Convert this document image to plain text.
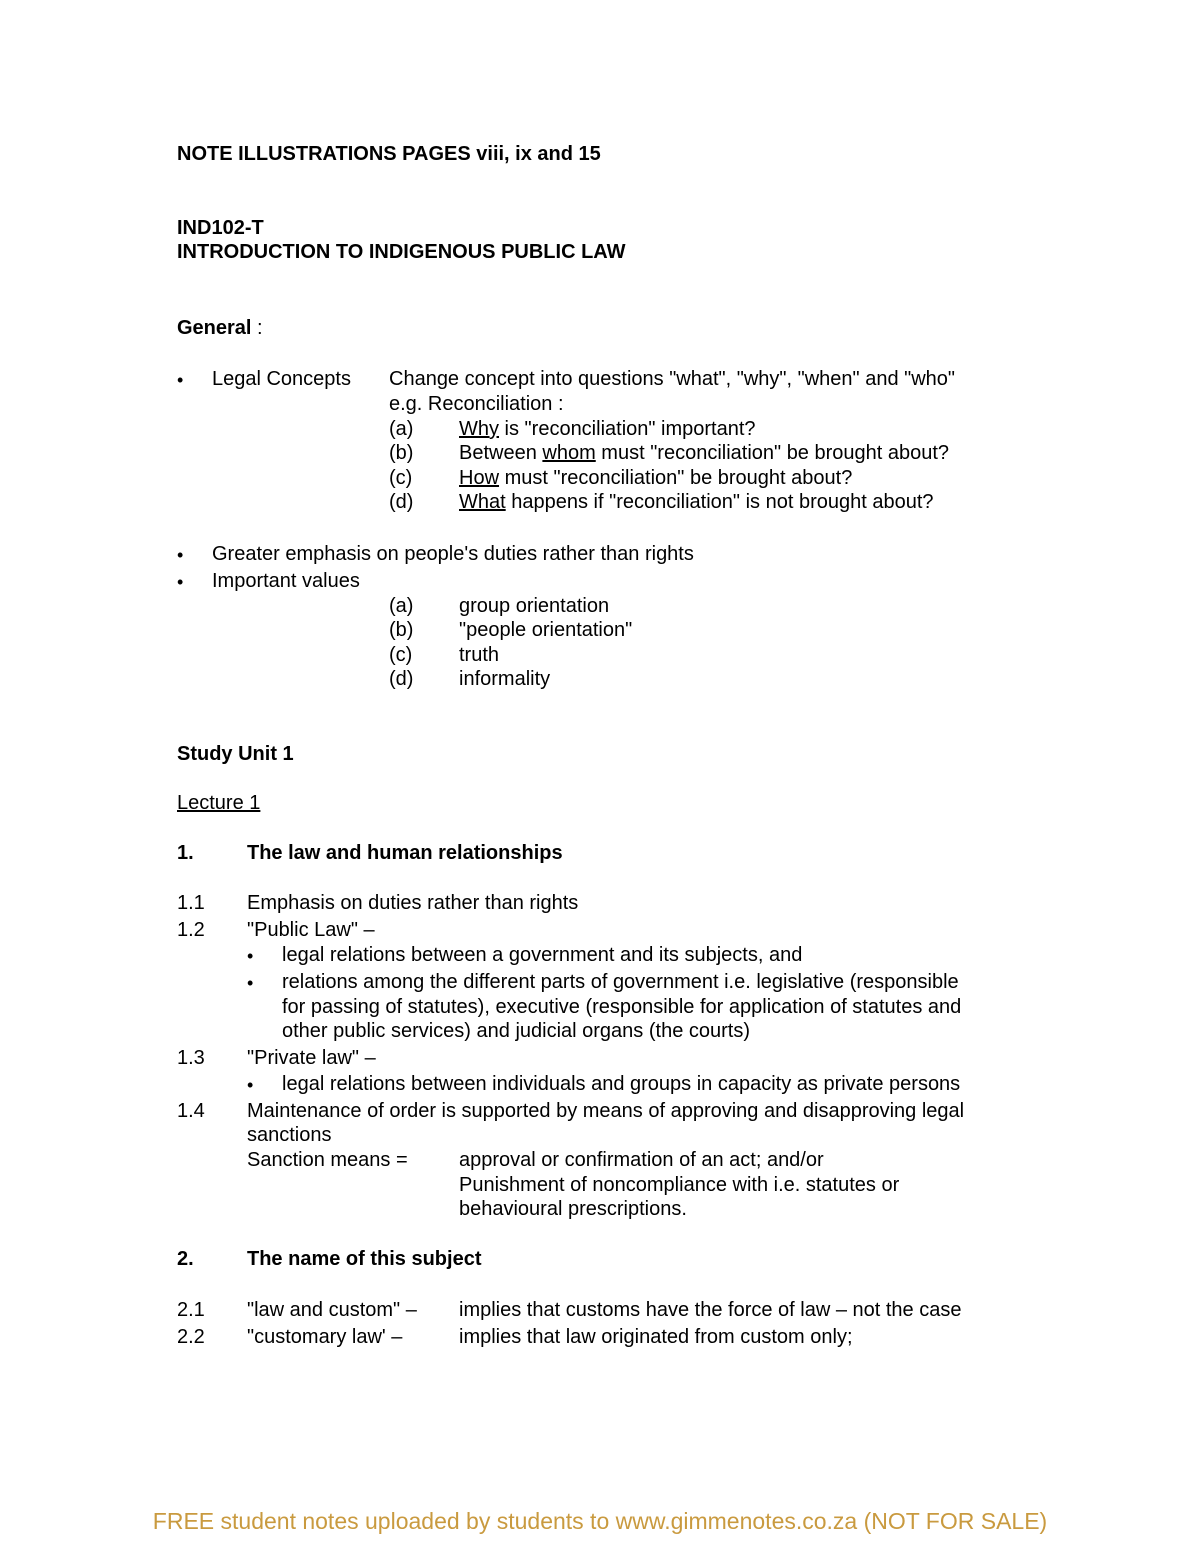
NOTE ILLUSTRATIONS PAGES viii, ix and 15
IND102-T
INTRODUCTION TO INDIGENOUS PUBLIC LAW
General :
• Legal Concepts Change concept into questions "what", "why", "when" and "who"
e.g. Reconciliation :
(a) Why is "reconciliation" important?
(b) Between whom must "reconciliation" be brought about?
(c) How must "reconciliation" be brought about?
(d) What happens if "reconciliation" is not brought about?
• Greater emphasis on people's duties rather than rights
• Important values
(a) group orientation
(b) "people orientation"
(c) truth
(d) informality
Study Unit 1
Lecture 1
1.	The law and human relationships
1.1 Emphasis on duties rather than rights
1.2 "Public Law" –
• legal relations between a government and its subjects, and
• relations among the different parts of government i.e. legislative (responsible
for passing of statutes), executive (responsible for application of statutes and
other public services) and judicial organs (the courts)
1.3 "Private law" –
• legal relations between individuals and groups in capacity as private persons
1.4 Maintenance of order is supported by means of approving and disapproving legal
sanctions
Sanction means =	approval or confirmation of an act; and/or
Punishment of noncompliance with i.e. statutes or
behavioural prescriptions.
2.	The name of this subject
2.1 "law and custom" – implies that customs have the force of law – not the case
2.2 "customary law' –	implies that law originated from custom only;
FREE student notes uploaded by students to www.gimmenotes.co.za (NOT FOR SALE)
